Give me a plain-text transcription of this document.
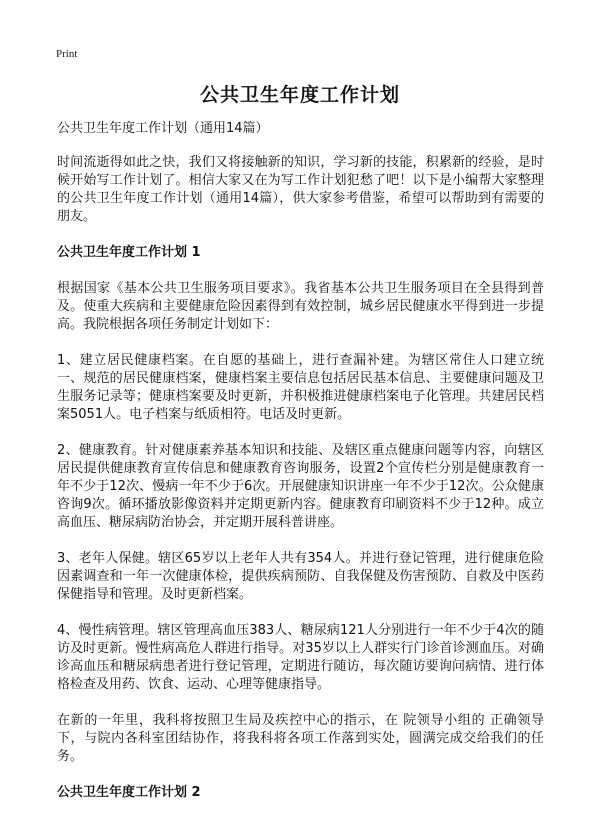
Print
公共卫生年度工作计划

公共卫生年度工作计划（通用14篇）

时间流逝得如此之快，我们又将接触新的知识，学习新的技能，积累新的经验，是时候开始写工作计划了。相信大家又在为写工作计划犯愁了吧！以下是小编帮大家整理的公共卫生年度工作计划（通用14篇），供大家参考借鉴，希望可以帮助到有需要的朋友。

公共卫生年度工作计划 1

根据国家《基本公共卫生服务项目要求》。我省基本公共卫生服务项目在全县得到普及。使重大疾病和主要健康危险因素得到有效控制，城乡居民健康水平得到进一步提高。我院根据各项任务制定计划如下：

1、建立居民健康档案。在自愿的基础上，进行查漏补建。为辖区常住人口建立统一、规范的居民健康档案，健康档案主要信息包括居民基本信息、主要健康问题及卫生服务记录等；健康档案要及时更新，并积极推进健康档案电子化管理。共建居民档案5051人。电子档案与纸质相符。电话及时更新。

2、健康教育。针对健康素养基本知识和技能、及辖区重点健康问题等内容，向辖区居民提供健康教育宣传信息和健康教育咨询服务，设置2个宣传栏分别是健康教育一年不少于12次、慢病一年不少于6次。开展健康知识讲座一年不少于12次。公众健康咨询9次。循环播放影像资料并定期更新内容。健康教育印刷资料不少于12种。成立高血压、糖尿病防治协会，并定期开展科普讲座。

3、老年人保健。辖区65岁以上老年人共有354人。并进行登记管理，进行健康危险因素调查和一年一次健康体检，提供疾病预防、自我保健及伤害预防、自救及中医药保健指导和管理。及时更新档案。

4、慢性病管理。辖区管理高血压383人、糖尿病121人分别进行一年不少于4次的随访及时更新。慢性病高危人群进行指导。对35岁以上人群实行门诊首诊测血压。对确诊高血压和糖尿病患者进行登记管理，定期进行随访，每次随访要询问病情、进行体格检查及用药、饮食、运动、心理等健康指导。

在新的一年里，我科将按照卫生局及疾控中心的指示，在 院领导小组的 正确领导下，与院内各科室团结协作，将我科将各项工作落到实处，圆满完成交给我们的任务。

公共卫生年度工作计划 2
